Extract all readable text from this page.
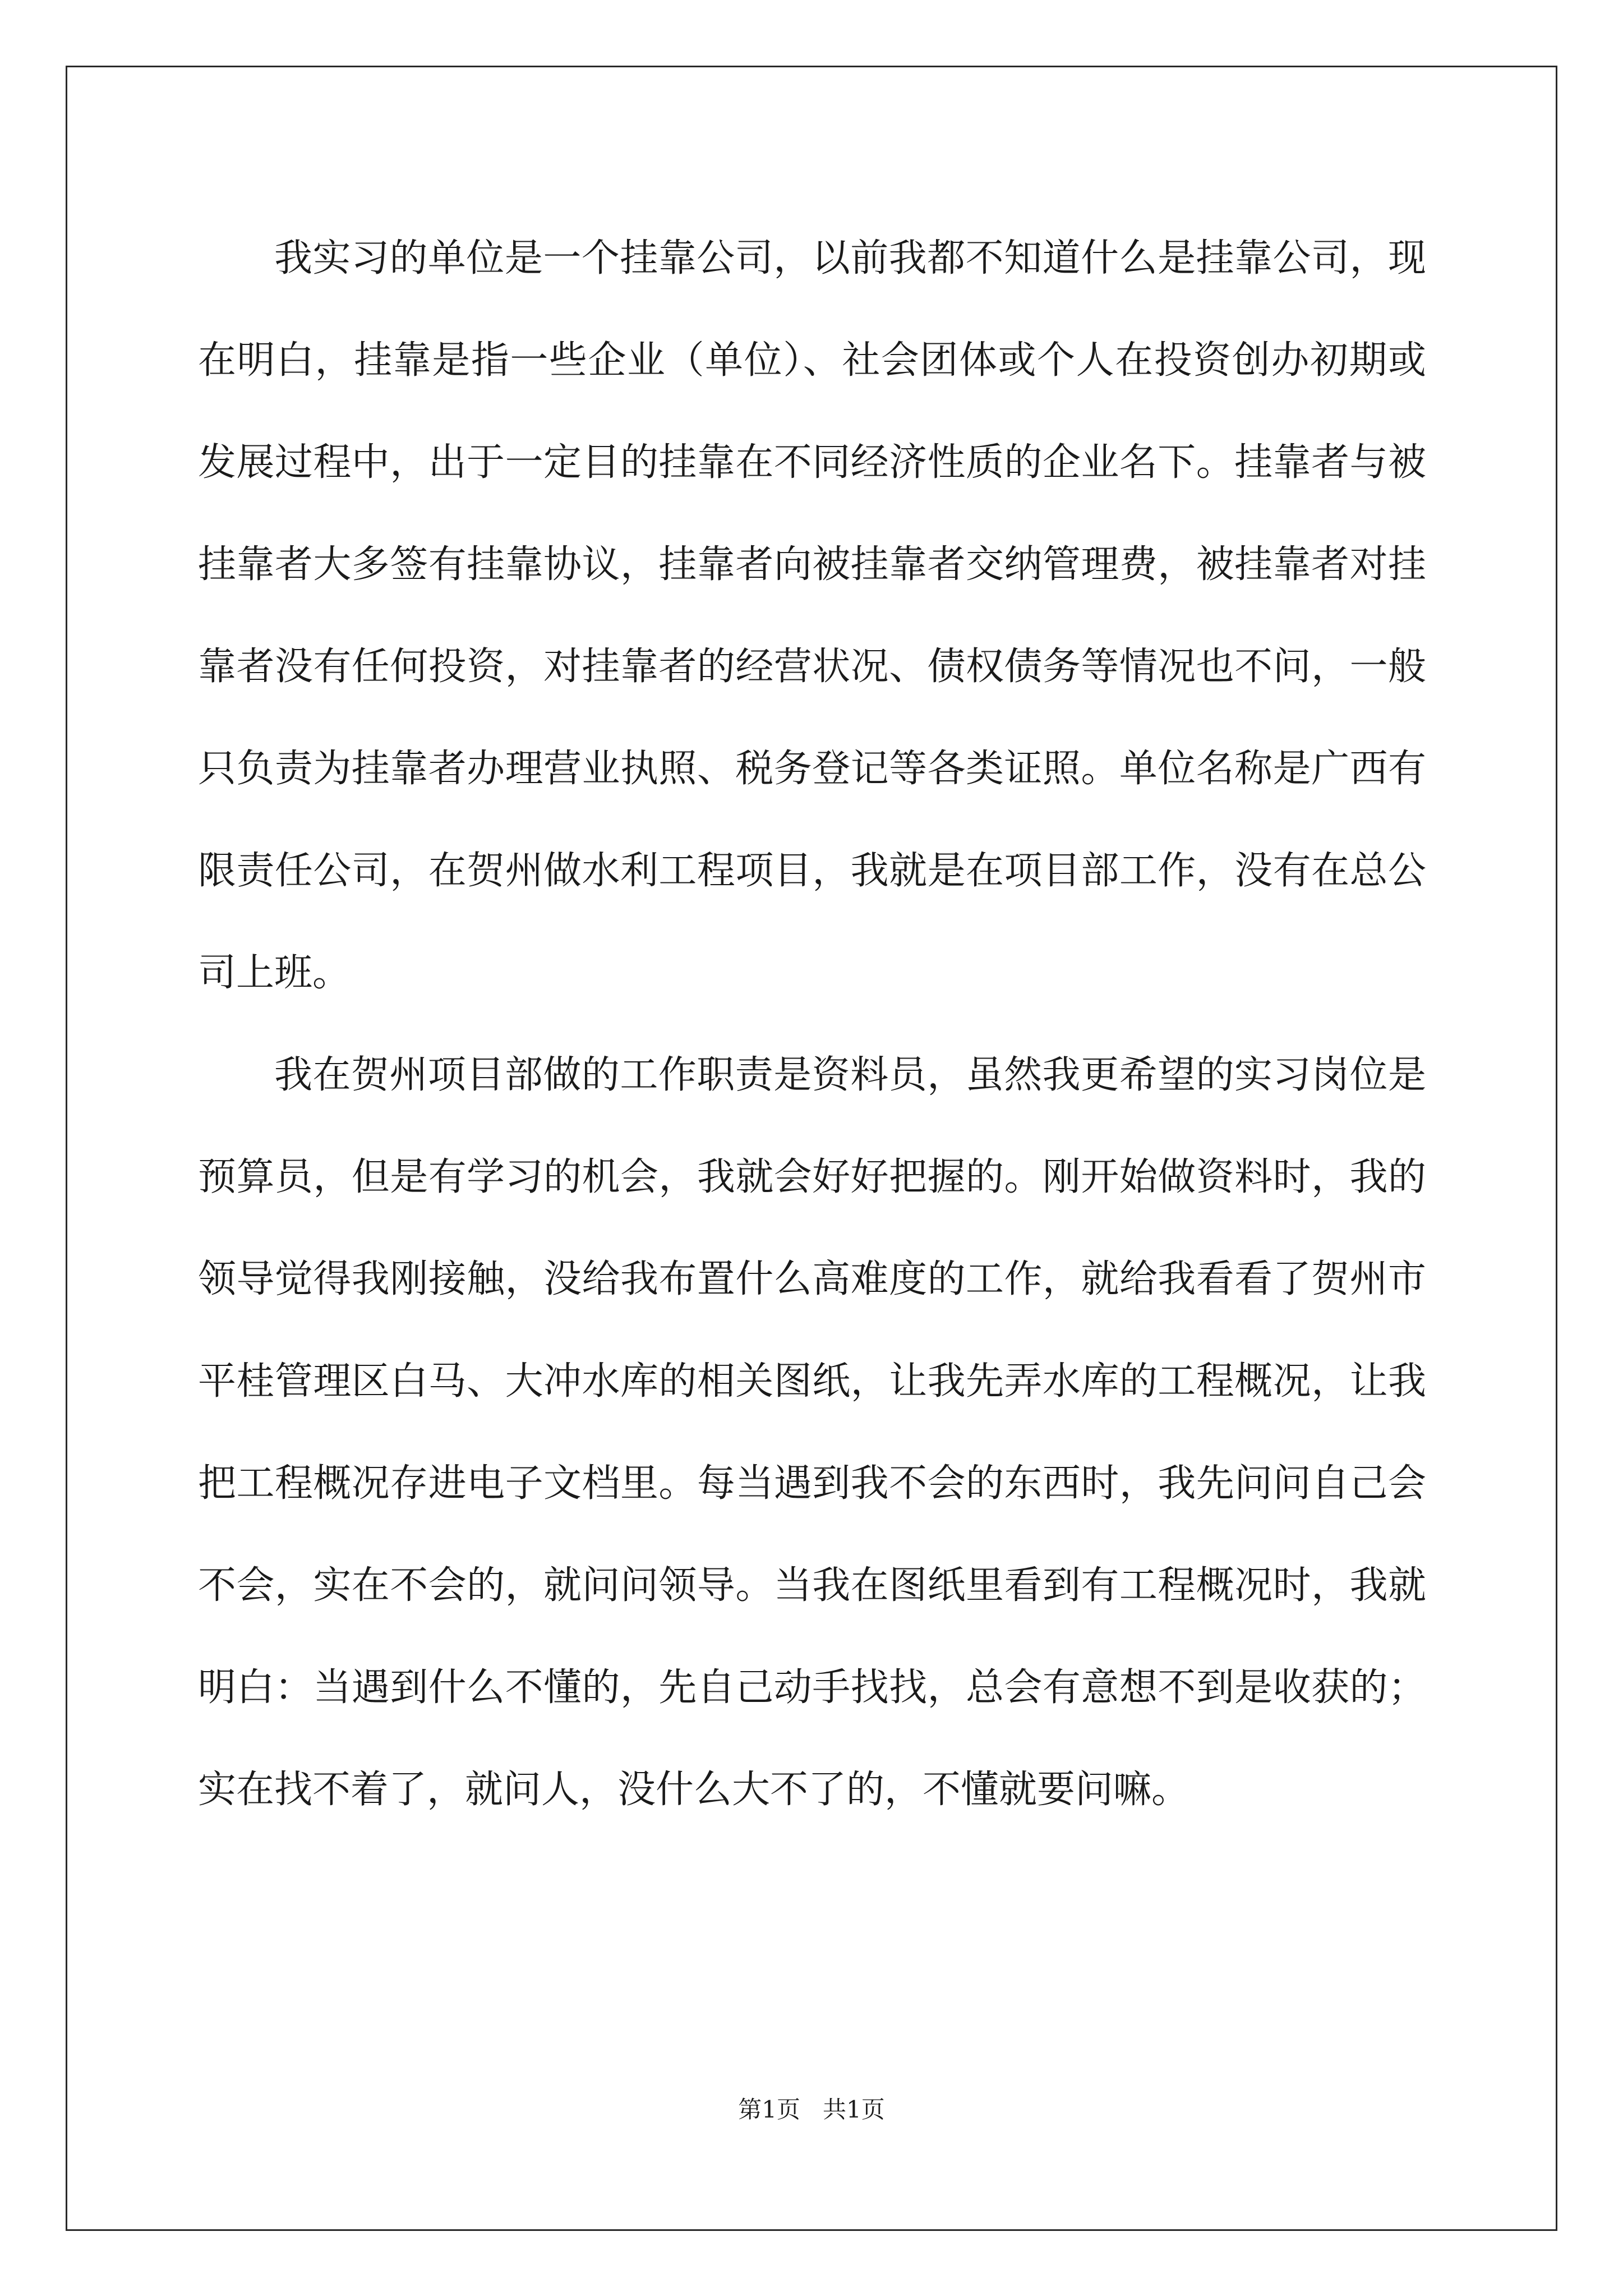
我实习的单位是一个挂靠公司，以前我都不知道什么是挂靠公司，现在明白，挂靠是指一些企业（单位）、社会团体或个人在投资创办初期或发展过程中，出于一定目的挂靠在不同经济性质的企业名下。挂靠者与被挂靠者大多签有挂靠协议，挂靠者向被挂靠者交纳管理费，被挂靠者对挂靠者没有任何投资，对挂靠者的经营状况、债权债务等情况也不问，一般只负责为挂靠者办理营业执照、税务登记等各类证照。单位名称是广西有限责任公司，在贺州做水利工程项目，我就是在项目部工作，没有在总公司上班。

我在贺州项目部做的工作职责是资料员，虽然我更希望的实习岗位是预算员，但是有学习的机会，我就会好好把握的。刚开始做资料时，我的领导觉得我刚接触，没给我布置什么高难度的工作，就给我看看了贺州市平桂管理区白马、大冲水库的相关图纸，让我先弄水库的工程概况，让我把工程概况存进电子文档里。每当遇到我不会的东西时，我先问问自己会不会，实在不会的，就问问领导。当我在图纸里看到有工程概况时，我就明白：当遇到什么不懂的，先自己动手找找，总会有意想不到是收获的；实在找不着了，就问人，没什么大不了的，不懂就要问嘛。

第1页   共1页
